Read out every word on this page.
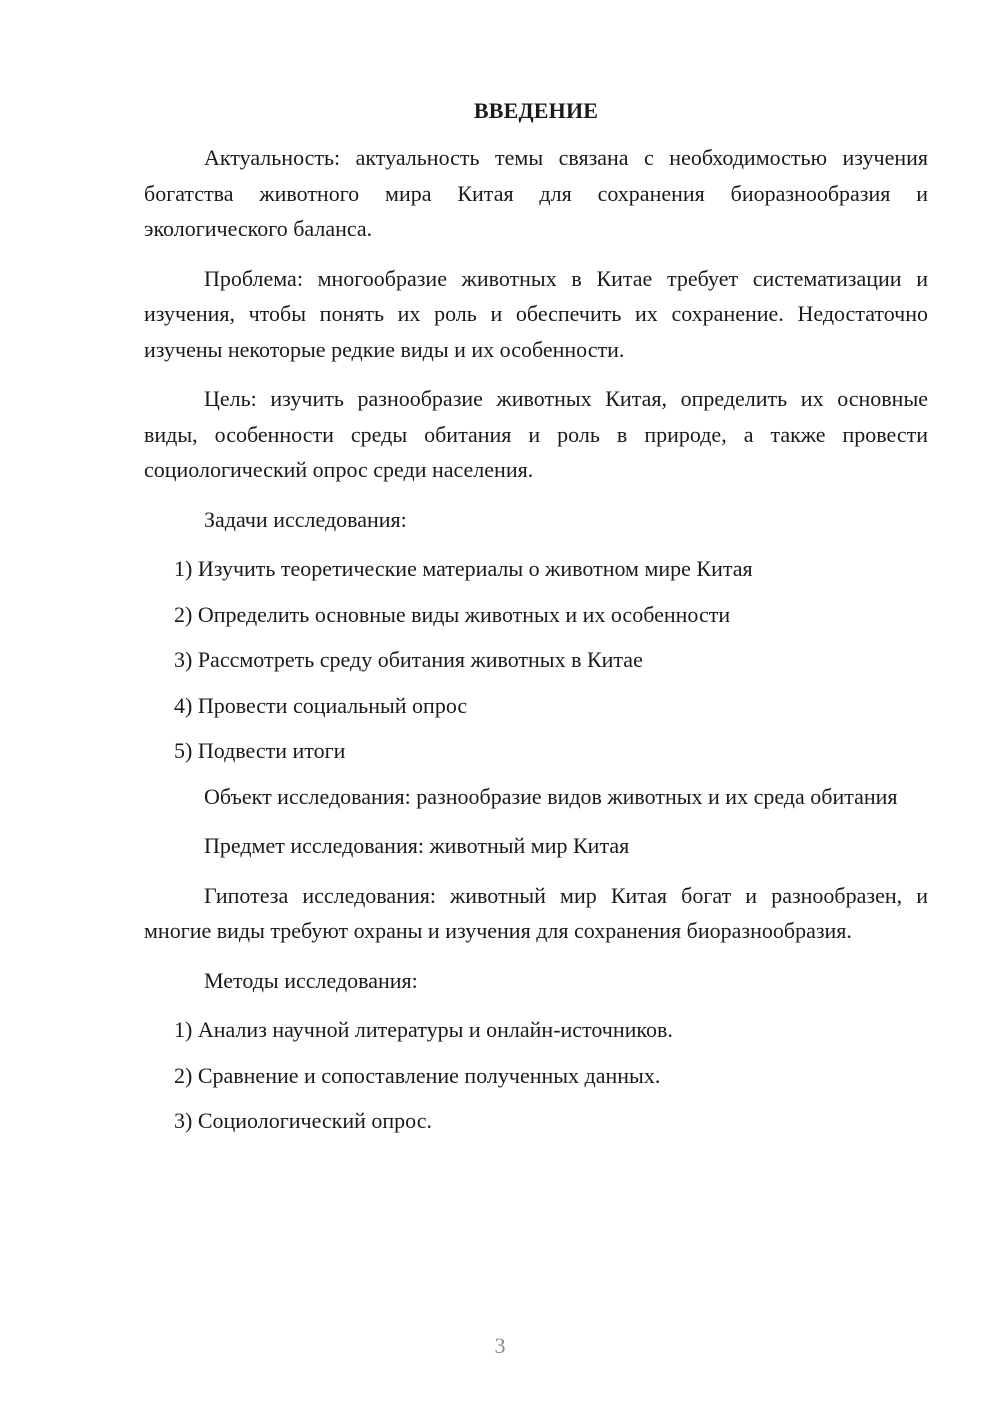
ВВЕДЕНИЕ

Актуальность: актуальность темы связана с необходимостью изучения богатства животного мира Китая для сохранения биоразнообразия и экологического баланса.

Проблема: многообразие животных в Китае требует систематизации и изучения, чтобы понять их роль и обеспечить их сохранение. Недостаточно изучены некоторые редкие виды и их особенности.

Цель: изучить разнообразие животных Китая, определить их основные виды, особенности среды обитания и роль в природе, а также провести социологический опрос среди населения.

Задачи исследования:

1) Изучить теоретические материалы о животном мире Китая

2) Определить основные виды животных и их особенности

3) Рассмотреть среду обитания животных в Китае

4) Провести социальный опрос

5) Подвести итоги

Объект исследования: разнообразие видов животных и их среда обитания

Предмет исследования: животный мир Китая

Гипотеза исследования: животный мир Китая богат и разнообразен, и многие виды требуют охраны и изучения для сохранения биоразнообразия.

Методы исследования:

1) Анализ научной литературы и онлайн-источников.

2) Сравнение и сопоставление полученных данных.

3) Социологический опрос.

3
